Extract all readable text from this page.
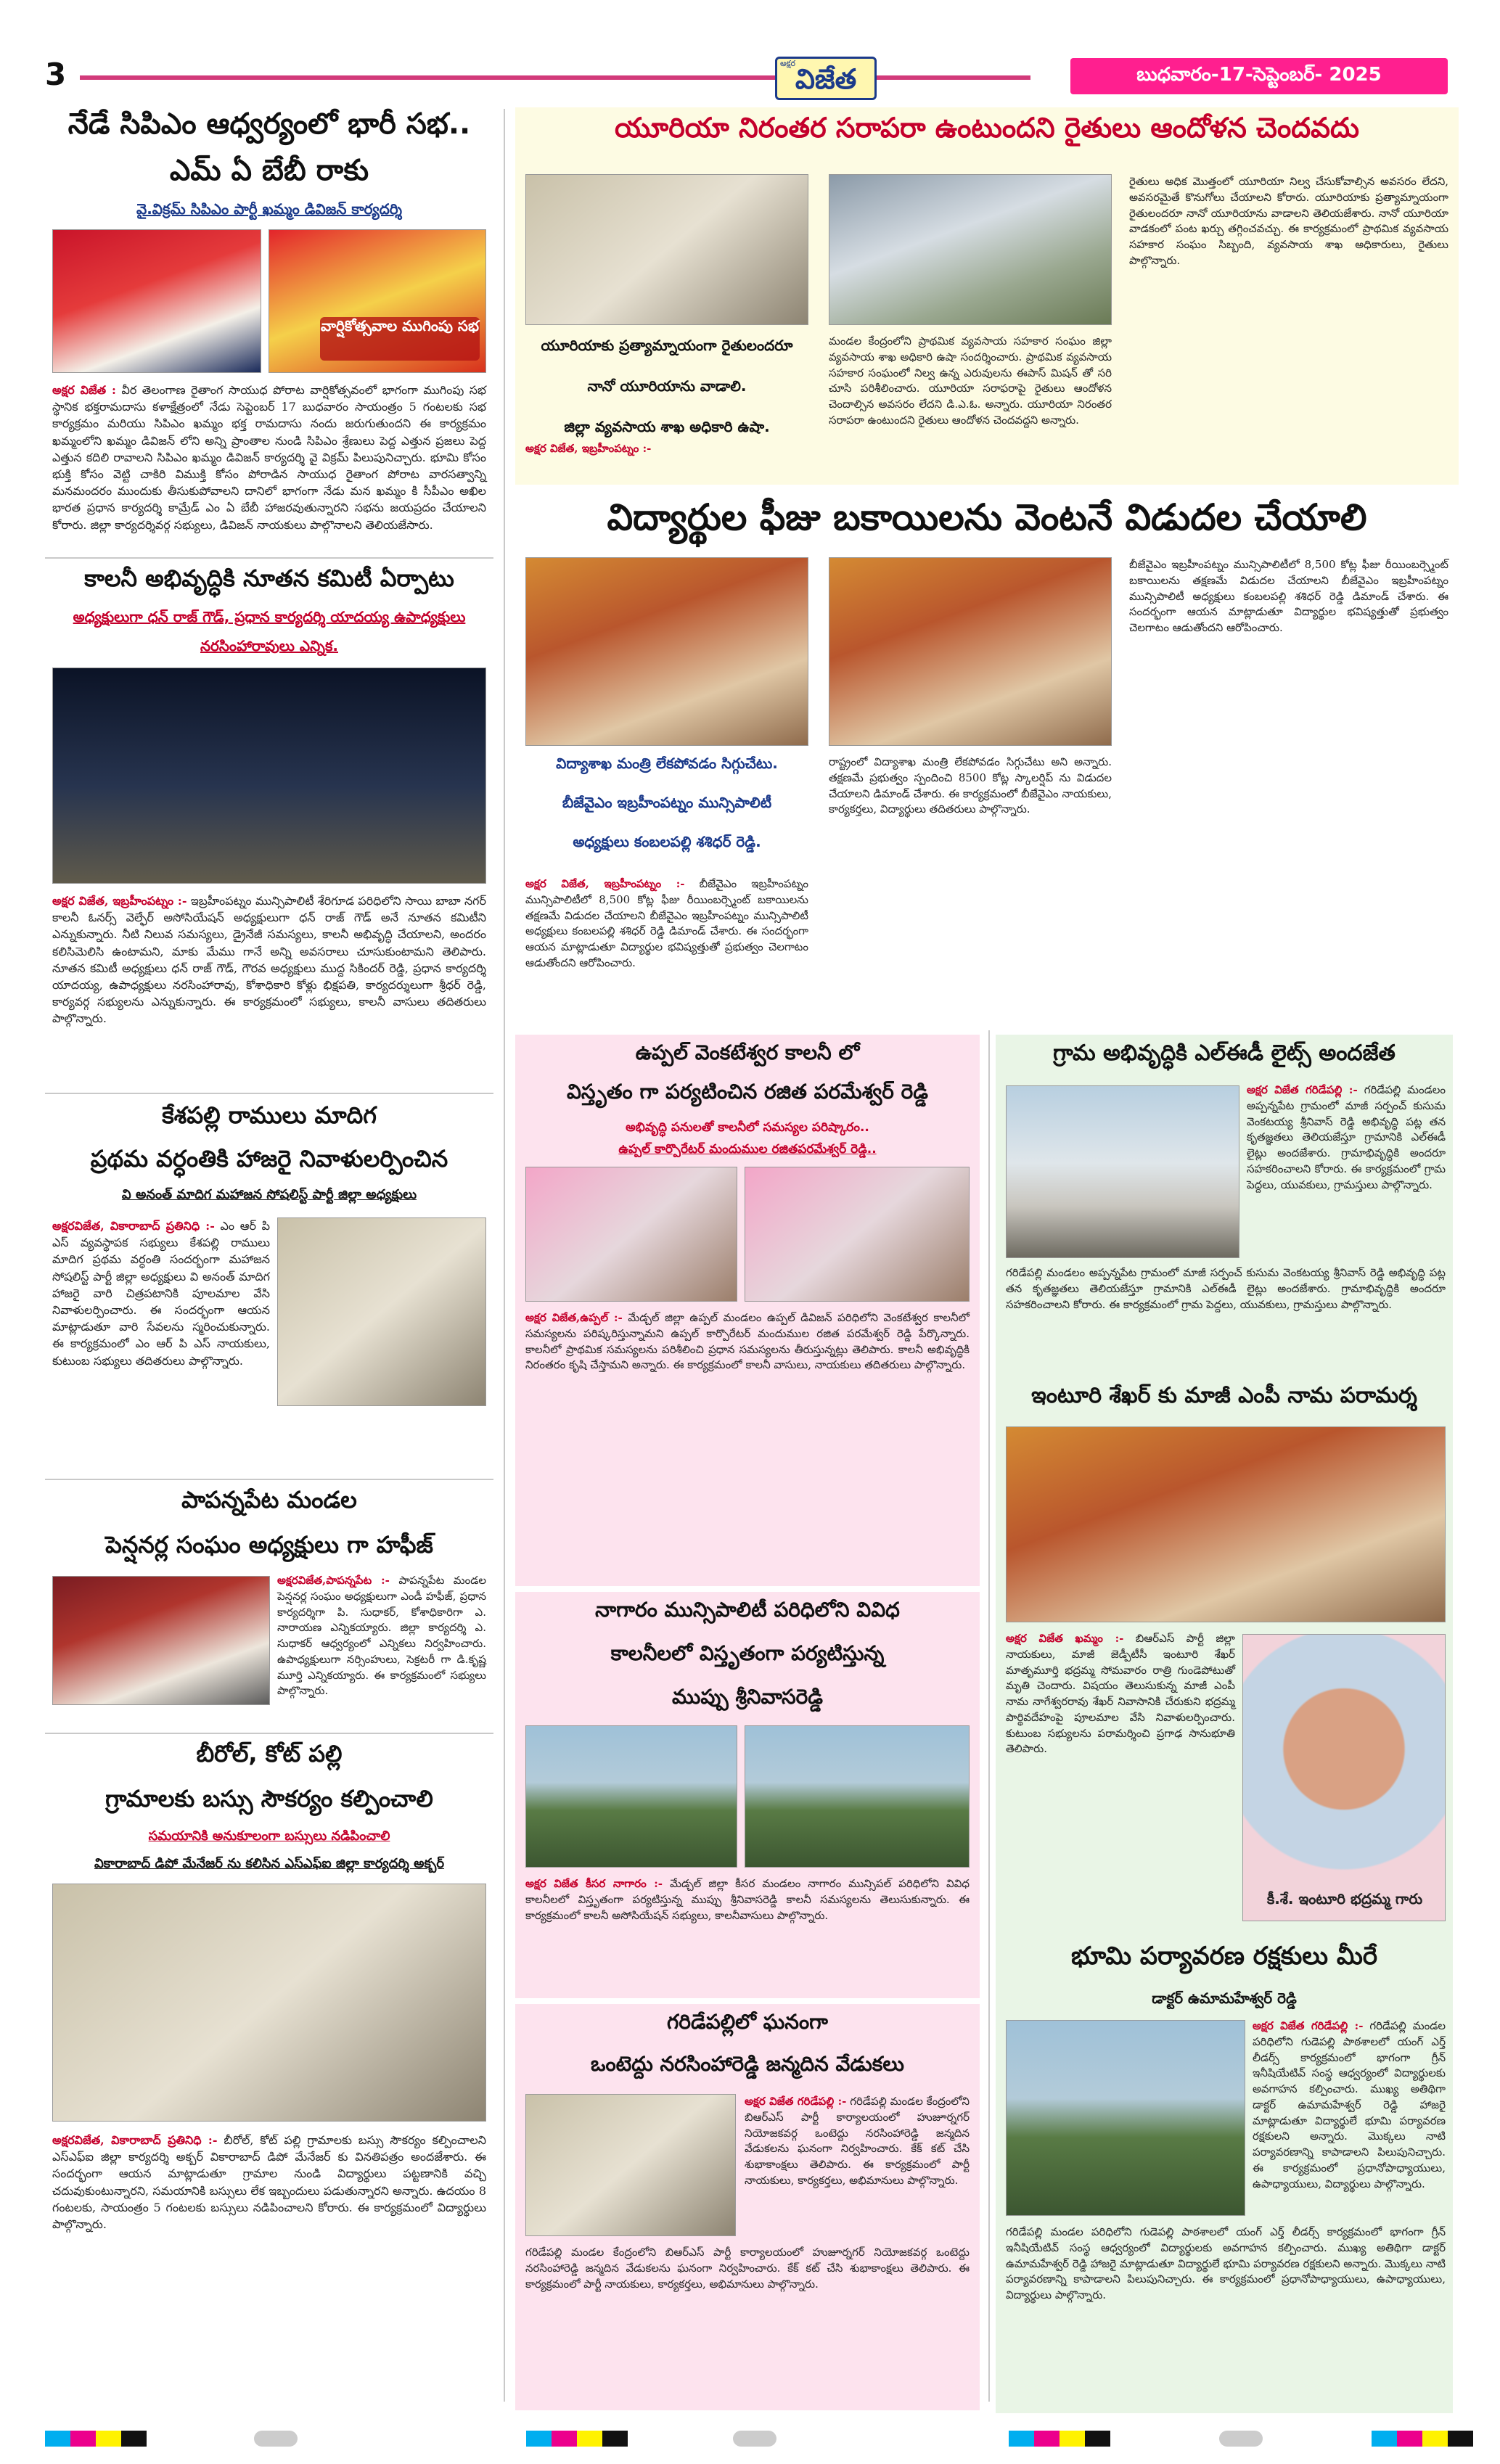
3	అక్షర విజేత	బుధవారం-17-సెప్టెంబర్- 2025
నేడే సిపిఎం ఆధ్వర్యంలో భారీ సభ..
ఎమ్ ఏ బేబీ రాకు
వై.విక్రమ్ సిపిఎం పార్టీ ఖమ్మం డివిజన్ కార్యదర్శి
వార్షికోత్సవాల ముగింపు సభ
అక్షర విజేత : వీర తెలంగాణ రైతాంగ సాయుధ పోరాట వార్షికోత్సవంలో భాగంగా ముగింపు సభ స్థానిక భక్తరామదాసు కళాక్షేత్రంలో నేడు సెప్టెంబర్ 17 బుధవారం సాయంత్రం 5 గంటలకు సభ కార్యక్రమం మరియు సిపిఎం ఖమ్మం భక్త రామదాసు నందు జరుగుతుందని ఈ కార్యక్రమం ఖమ్మంలోని ఖమ్మం డివిజన్ లోని అన్ని ప్రాంతాల నుండి సిపిఎం శ్రేణులు పెద్ద ఎత్తున ప్రజలు పెద్ద ఎత్తున కదిలి రావాలని సిపిఎం ఖమ్మం డివిజన్ కార్యదర్శి వై విక్రమ్ పిలుపునిచ్చారు. భూమి కోసం భుక్తి కోసం వెట్టి చాకిరి విముక్తి కోసం పోరాడిన సాయుధ రైతాంగ పోరాట వారసత్వాన్ని మనమందరం ముందుకు తీసుకుపోవాలని దానిలో భాగంగా నేడు మన ఖమ్మం కి సీపీఎం అఖిల భారత ప్రధాన కార్యదర్శి కామ్రేడ్ ఎం ఏ బేబీ హాజరవుతున్నారని సభను జయప్రదం చేయాలని కోరారు. జిల్లా కార్యదర్శివర్గ సభ్యులు, డివిజన్ నాయకులు పాల్గొనాలని తెలియజేసారు.
కాలనీ అభివృద్ధికి నూతన కమిటీ ఏర్పాటు
అధ్యక్షులుగా ధన్ రాజ్ గౌడ్, ప్రధాన కార్యదర్శి యాదయ్య ఉపాధ్యక్షులు
నరసింహారావులు ఎన్నిక.
అక్షర విజేత, ఇబ్రహీంపట్నం :- ఇబ్రహీంపట్నం మున్సిపాలిటీ శేరిగూడ పరిధిలోని సాయి బాబా నగర్ కాలనీ ఓనర్స్ వెల్ఫేర్ అసోసియేషన్ అధ్యక్షులుగా ధన్ రాజ్ గౌడ్ అనే నూతన కమిటీని ఎన్నుకున్నారు. నీటి నిలువ సమస్యలు, డ్రైనేజీ సమస్యలు, కాలనీ అభివృద్ధి చేయాలని, అందరం కలిసిమెలిసి ఉంటామని, మాకు మేము గానే అన్ని అవసరాలు చూసుకుంటామని తెలిపారు. నూతన కమిటీ అధ్యక్షులు ధన్ రాజ్ గౌడ్, గౌరవ అధ్యక్షులు ముద్ద సికిందర్ రెడ్డి, ప్రధాన కార్యదర్శి యాదయ్య, ఉపాధ్యక్షులు నరసింహారావు, కోశాధికారి కోళ్లు భిక్షపతి, కార్యదర్శులుగా శ్రీధర్ రెడ్డి, కార్యవర్గ సభ్యులను ఎన్నుకున్నారు. ఈ కార్యక్రమంలో సభ్యులు, కాలనీ వాసులు తదితరులు పాల్గొన్నారు.
కేశపల్లి రాములు మాదిగ
ప్రథమ వర్ధంతికి హాజరై నివాళులర్పించిన
వి అనంత్ మాదిగ మహాజన సోషలిస్ట్ పార్టీ జిల్లా అధ్యక్షులు
అక్షరవిజేత, వికారాబాద్ ప్రతినిధి :- ఎం ఆర్ పి ఎస్ వ్యవస్థాపక సభ్యులు కేశపల్లి రాములు మాదిగ ప్రథమ వర్ధంతి సందర్భంగా మహాజన సోషలిస్ట్ పార్టీ జిల్లా అధ్యక్షులు వి అనంత్ మాదిగ హాజరై వారి చిత్రపటానికి పూలమాల వేసి నివాళులర్పించారు. ఈ సందర్భంగా ఆయన మాట్లాడుతూ వారి సేవలను స్మరించుకున్నారు. ఈ కార్యక్రమంలో ఎం ఆర్ పి ఎస్ నాయకులు, కుటుంబ సభ్యులు తదితరులు పాల్గొన్నారు.
పాపన్నపేట మండల
పెన్షనర్ల సంఘం అధ్యక్షులు గా హఫీజ్
అక్షరవిజేత,పాపన్నపేట :- పాపన్నపేట మండల పెన్షనర్ల సంఘం అధ్యక్షులుగా ఎండీ హఫీజ్, ప్రధాన కార్యదర్శిగా పి. సుధాకర్, కోశాధికారిగా ఎ. నారాయణ ఎన్నికయ్యారు. జిల్లా కార్యదర్శి ఎ. సుధాకర్ ఆధ్వర్యంలో ఎన్నికలు నిర్వహించారు. ఉపాధ్యక్షులుగా నర్సింహులు, సెక్రటరీ గా డి.కృష్ణ మూర్తి ఎన్నికయ్యారు. ఈ కార్యక్రమంలో సభ్యులు పాల్గొన్నారు.
బీరోల్, కోట్ పల్లి
గ్రామాలకు బస్సు సౌకర్యం కల్పించాలి
సమయానికి అనుకూలంగా బస్సులు నడిపించాలి
వికారాబాద్ డిపో మేనేజర్ ను కలిసిన ఎస్ఎఫ్ఐ జిల్లా కార్యదర్శి అక్బర్
అక్షరవిజేత, వికారాబాద్ ప్రతినిధి :- బీరోల్, కోట్ పల్లి గ్రామాలకు బస్సు సౌకర్యం కల్పించాలని ఎస్ఎఫ్ఐ జిల్లా కార్యదర్శి అక్బర్ వికారాబాద్ డిపో మేనేజర్ కు వినతిపత్రం అందజేశారు. ఈ సందర్భంగా ఆయన మాట్లాడుతూ గ్రామాల నుండి విద్యార్థులు పట్టణానికి వచ్చి చదువుకుంటున్నారని, సమయానికి బస్సులు లేక ఇబ్బందులు పడుతున్నారని అన్నారు. ఉదయం 8 గంటలకు, సాయంత్రం 5 గంటలకు బస్సులు నడిపించాలని కోరారు. ఈ కార్యక్రమంలో విద్యార్థులు పాల్గొన్నారు.
యూరియా నిరంతర సరాపరా ఉంటుందని రైతులు ఆందోళన చెందవదు
యూరియాకు ప్రత్యామ్నాయంగా రైతులందరూ
నానో యూరియాను వాడాలి.
జిల్లా వ్యవసాయ శాఖ అధికారి ఉషా.
మండల కేంద్రంలోని ప్రాథమిక వ్యవసాయ సహకార సంఘం జిల్లా వ్యవసాయ శాఖ అధికారి ఉషా సందర్శించారు. ప్రాథమిక వ్యవసాయ సహకార సంఘంలో నిల్వ ఉన్న ఎరువులను ఈపాస్ మిషన్ తో సరి చూసి పరిశీలించారు. యూరియా సరాఫరాపై రైతులు ఆందోళన చెందాల్సిన అవసరం లేదని డి.ఎ.ఓ. అన్నారు. యూరియా నిరంతర సరాపరా ఉంటుందని రైతులు ఆందోళన చెందవద్దని అన్నారు.
అక్షర విజేత, ఇబ్రహీంపట్నం :-
రైతులు అధిక మొత్తంలో యూరియా నిల్వ చేసుకోవాల్సిన అవసరం లేదని, అవసరమైతే కొనుగోలు చేయాలని కోరారు. యూరియాకు ప్రత్యామ్నాయంగా రైతులందరూ నానో యూరియాను వాడాలని తెలియజేశారు. నానో యూరియా వాడకంలో పంట ఖర్చు తగ్గించవచ్చు. ఈ కార్యక్రమంలో ప్రాథమిక వ్యవసాయ సహకార సంఘం సిబ్బంది, వ్యవసాయ శాఖ అధికారులు, రైతులు పాల్గొన్నారు.
విద్యార్థుల ఫీజు బకాయిలను వెంటనే విడుదల చేయాలి
విద్యాశాఖ మంత్రి లేకపోవడం సిగ్గుచేటు.
బీజేవైఎం ఇబ్రహీంపట్నం మున్సిపాలిటీ
అధ్యక్షులు కంబలపల్లి శశిధర్ రెడ్డి.
అక్షర విజేత, ఇబ్రహీంపట్నం :- బీజేవైఎం ఇబ్రహీంపట్నం మున్సిపాలిటీలో 8,500 కోట్ల ఫీజు రీయింబర్స్మెంట్ బకాయిలను తక్షణమే విడుదల చేయాలని బీజేవైఎం ఇబ్రహీంపట్నం మున్సిపాలిటీ అధ్యక్షులు కంబలపల్లి శశిధర్ రెడ్డి డిమాండ్ చేశారు. ఈ సందర్భంగా ఆయన మాట్లాడుతూ విద్యార్థుల భవిష్యత్తుతో ప్రభుత్వం చెలగాటం ఆడుతోందని ఆరోపించారు.
రాష్ట్రంలో విద్యాశాఖ మంత్రి లేకపోవడం సిగ్గుచేటు అని అన్నారు. తక్షణమే ప్రభుత్వం స్పందించి 8500 కోట్ల స్కాలర్షిప్ ను విడుదల చేయాలని డిమాండ్ చేశారు. ఈ కార్యక్రమంలో బీజేవైఎం నాయకులు, కార్యకర్తలు, విద్యార్థులు తదితరులు పాల్గొన్నారు.
బీజేవైఎం ఇబ్రహీంపట్నం మున్సిపాలిటీలో 8,500 కోట్ల ఫీజు రీయింబర్స్మెంట్ బకాయిలను తక్షణమే విడుదల చేయాలని బీజేవైఎం ఇబ్రహీంపట్నం మున్సిపాలిటీ అధ్యక్షులు కంబలపల్లి శశిధర్ రెడ్డి డిమాండ్ చేశారు. ఈ సందర్భంగా ఆయన మాట్లాడుతూ విద్యార్థుల భవిష్యత్తుతో ప్రభుత్వం చెలగాటం ఆడుతోందని ఆరోపించారు.
ఉప్పల్ వెంకటేశ్వర కాలనీ లో
విస్తృతం గా పర్యటించిన రజిత పరమేశ్వర్ రెడ్డి
అభివృద్ధి పనులతో కాలనీలో సమస్యల పరిష్కారం..
ఉప్పల్ కార్పొరేటర్ మందుముల రజితపరమేశ్వర్ రెడ్డి..
అక్షర విజేత,ఉప్పల్ :- మేడ్చల్ జిల్లా ఉప్పల్ మండలం ఉప్పల్ డివిజన్ పరిధిలోని వెంకటేశ్వర కాలనీలో సమస్యలను పరిష్కరిస్తున్నామని ఉప్పల్ కార్పొరేటర్ మందుముల రజిత పరమేశ్వర్ రెడ్డి పేర్కొన్నారు. కాలనీలో ప్రాథమిక సమస్యలను పరిశీలించి ప్రధాన సమస్యలను తీరుస్తున్నట్లు తెలిపారు. కాలనీ అభివృద్ధికి నిరంతరం కృషి చేస్తామని అన్నారు. ఈ కార్యక్రమంలో కాలనీ వాసులు, నాయకులు తదితరులు పాల్గొన్నారు.
నాగారం మున్సిపాలిటీ పరిధిలోని వివిధ
కాలనీలలో విస్తృతంగా పర్యటిస్తున్న
ముప్పు శ్రీనివాసరెడ్డి
అక్షర విజేత కీసర నాగారం :- మేడ్చల్ జిల్లా కీసర మండలం నాగారం మున్సిపల్ పరిధిలోని వివిధ కాలనీలలో విస్తృతంగా పర్యటిస్తున్న ముప్పు శ్రీనివాసరెడ్డి కాలనీ సమస్యలను తెలుసుకున్నారు. ఈ కార్యక్రమంలో కాలనీ అసోసియేషన్ సభ్యులు, కాలనీవాసులు పాల్గొన్నారు.
గరిడేపల్లిలో ఘనంగా
ఒంటెద్దు నరసింహారెడ్డి జన్మదిన వేడుకలు
అక్షర విజేత గరిడేపల్లి :- గరిడేపల్లి మండల కేంద్రంలోని బిఆర్ఎస్ పార్టీ కార్యాలయంలో హుజూర్నగర్ నియోజకవర్గ ఒంటెద్దు నరసింహారెడ్డి జన్మదిన వేడుకలను ఘనంగా నిర్వహించారు. కేక్ కట్ చేసి శుభాకాంక్షలు తెలిపారు. ఈ కార్యక్రమంలో పార్టీ నాయకులు, కార్యకర్తలు, అభిమానులు పాల్గొన్నారు.
గరిడేపల్లి మండల కేంద్రంలోని బిఆర్ఎస్ పార్టీ కార్యాలయంలో హుజూర్నగర్ నియోజకవర్గ ఒంటెద్దు నరసింహారెడ్డి జన్మదిన వేడుకలను ఘనంగా నిర్వహించారు. కేక్ కట్ చేసి శుభాకాంక్షలు తెలిపారు. ఈ కార్యక్రమంలో పార్టీ నాయకులు, కార్యకర్తలు, అభిమానులు పాల్గొన్నారు.
గ్రామ అభివృద్ధికి ఎల్ఈడీ లైట్స్ అందజేత
అక్షర విజేత గరిడేపల్లి :- గరిడేపల్లి మండలం అప్పన్నపేట గ్రామంలో మాజీ సర్పంచ్ కుసుమ వెంకటయ్య శ్రీనివాస్ రెడ్డి అభివృద్ధి పట్ల తన కృతజ్ఞతలు తెలియజేస్తూ గ్రామానికి ఎల్ఈడీ లైట్లు అందజేశారు. గ్రామాభివృద్ధికి అందరూ సహకరించాలని కోరారు. ఈ కార్యక్రమంలో గ్రామ పెద్దలు, యువకులు, గ్రామస్తులు పాల్గొన్నారు.
గరిడేపల్లి మండలం అప్పన్నపేట గ్రామంలో మాజీ సర్పంచ్ కుసుమ వెంకటయ్య శ్రీనివాస్ రెడ్డి అభివృద్ధి పట్ల తన కృతజ్ఞతలు తెలియజేస్తూ గ్రామానికి ఎల్ఈడీ లైట్లు అందజేశారు. గ్రామాభివృద్ధికి అందరూ సహకరించాలని కోరారు. ఈ కార్యక్రమంలో గ్రామ పెద్దలు, యువకులు, గ్రామస్తులు పాల్గొన్నారు.
ఇంటూరి శేఖర్ కు మాజీ ఎంపీ నామ పరామర్శ
అక్షర విజేత ఖమ్మం :- బిఆర్ఎస్ పార్టీ జిల్లా నాయకులు, మాజీ జెడ్పీటీసీ ఇంటూరి శేఖర్ మాతృమూర్తి భద్రమ్మ సోమవారం రాత్రి గుండెపోటుతో మృతి చెందారు. విషయం తెలుసుకున్న మాజీ ఎంపీ నామ నాగేశ్వరరావు శేఖర్ నివాసానికి చేరుకుని భద్రమ్మ పార్థివదేహంపై పూలమాల వేసి నివాళులర్పించారు. కుటుంబ సభ్యులను పరామర్శించి ప్రగాఢ సానుభూతి తెలిపారు.
కీ.శే. ఇంటూరి భద్రమ్మ గారు
భూమి పర్యావరణ రక్షకులు మీరే
డాక్టర్ ఉమామహేశ్వర్ రెడ్డి
అక్షర విజేత గరిడేపల్లి :- గరిడేపల్లి మండల పరిధిలోని గుడెపల్లి పాఠశాలలో యంగ్ ఎర్త్ లీడర్స్ కార్యక్రమంలో భాగంగా గ్రీన్ ఇనీషియేటివ్ సంస్థ ఆధ్వర్యంలో విద్యార్థులకు అవగాహన కల్పించారు. ముఖ్య అతిథిగా డాక్టర్ ఉమామహేశ్వర్ రెడ్డి హాజరై మాట్లాడుతూ విద్యార్థులే భూమి పర్యావరణ రక్షకులని అన్నారు. మొక్కలు నాటి పర్యావరణాన్ని కాపాడాలని పిలుపునిచ్చారు. ఈ కార్యక్రమంలో ప్రధానోపాధ్యాయులు, ఉపాధ్యాయులు, విద్యార్థులు పాల్గొన్నారు.
గరిడేపల్లి మండల పరిధిలోని గుడెపల్లి పాఠశాలలో యంగ్ ఎర్త్ లీడర్స్ కార్యక్రమంలో భాగంగా గ్రీన్ ఇనీషియేటివ్ సంస్థ ఆధ్వర్యంలో విద్యార్థులకు అవగాహన కల్పించారు. ముఖ్య అతిథిగా డాక్టర్ ఉమామహేశ్వర్ రెడ్డి హాజరై మాట్లాడుతూ విద్యార్థులే భూమి పర్యావరణ రక్షకులని అన్నారు. మొక్కలు నాటి పర్యావరణాన్ని కాపాడాలని పిలుపునిచ్చారు. ఈ కార్యక్రమంలో ప్రధానోపాధ్యాయులు, ఉపాధ్యాయులు, విద్యార్థులు పాల్గొన్నారు.
